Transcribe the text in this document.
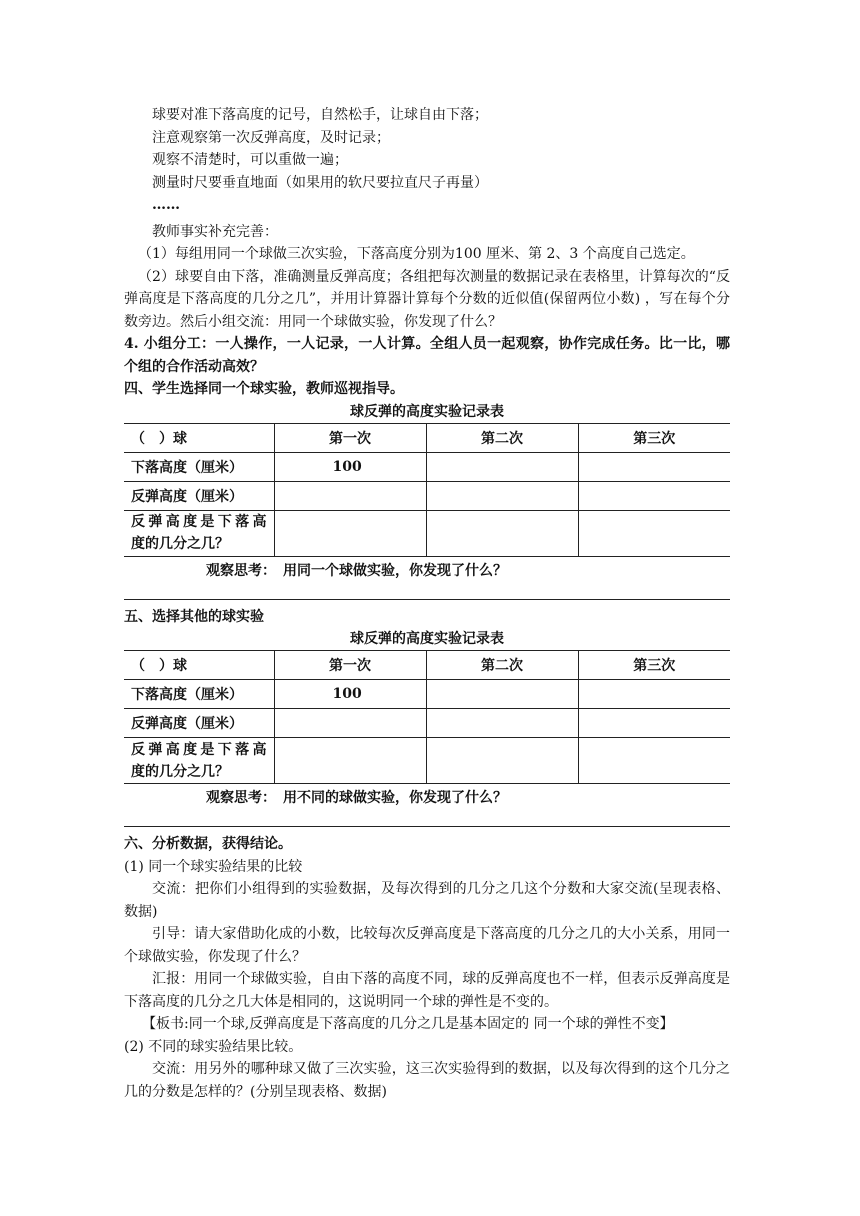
球要对准下落高度的记号，自然松手，让球自由下落；
注意观察第一次反弹高度，及时记录；
观察不清楚时，可以重做一遍；
测量时尺要垂直地面（如果用的软尺要拉直尺子再量）
……
教师事实补充完善：
（1）每组用同一个球做三次实验，下落高度分别为100 厘米、第 2、3 个高度自己选定。
（2）球要自由下落，准确测量反弹高度；各组把每次测量的数据记录在表格里，计算每次的“反弹高度是下落高度的几分之几”，并用计算器计算每个分数的近似值(保留两位小数) ，写在每个分数旁边。然后小组交流：用同一个球做实验，你发现了什么？
4. 小组分工：一人操作，一人记录，一人计算。全组人员一起观察，协作完成任务。比一比，哪个组的合作活动高效？
四、学生选择同一个球实验，教师巡视指导。
球反弹的高度实验记录表
（　）球	第一次	第二次	第三次
下落高度（厘米）	100		
反弹高度（厘米）			

反弹高度是下落高
度的几分之几？			

观察思考：　用同一个球做实验，你发现了什么？
五、选择其他的球实验
球反弹的高度实验记录表
（　）球	第一次	第二次	第三次
下落高度（厘米）	100		
反弹高度（厘米）			

反弹高度是下落高
度的几分之几？			

观察思考：　用不同的球做实验，你发现了什么？
六、分析数据，获得结论。
(1) 同一个球实验结果的比较
交流：把你们小组得到的实验数据，及每次得到的几分之几这个分数和大家交流(呈现表格、数据)
引导：请大家借助化成的小数，比较每次反弹高度是下落高度的几分之几的大小关系，用同一个球做实验，你发现了什么？
汇报：用同一个球做实验，自由下落的高度不同，球的反弹高度也不一样，但表示反弹高度是下落高度的几分之几大体是相同的，这说明同一个球的弹性是不变的。
【板书:同一个球,反弹高度是下落高度的几分之几是基本固定的 同一个球的弹性不变】
(2) 不同的球实验结果比较。
交流：用另外的哪种球又做了三次实验，这三次实验得到的数据，以及每次得到的这个几分之几的分数是怎样的？(分别呈现表格、数据)
